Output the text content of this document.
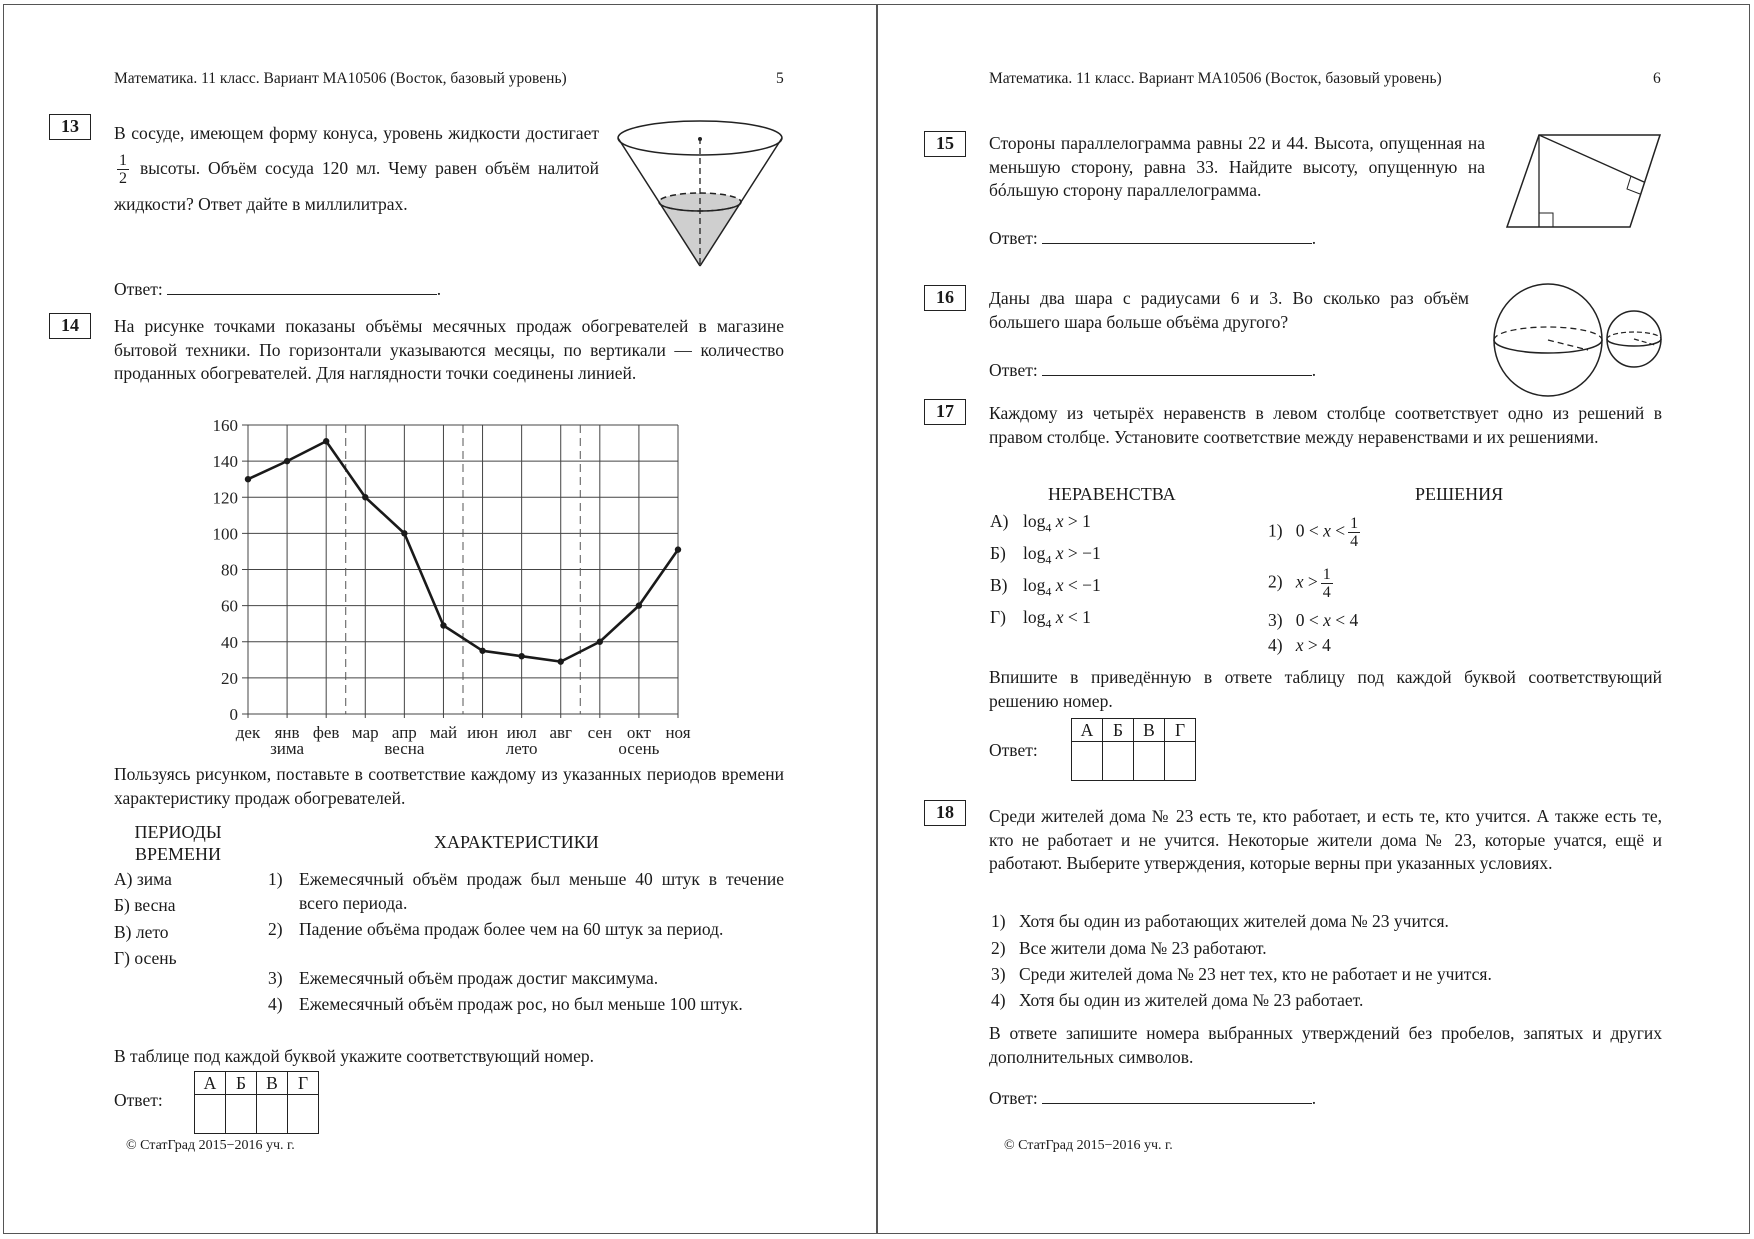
Математика. 11 класс. Вариант МА10506 (Восток, базовый уровень)	5
13	В сосуде, имеющем форму конуса, уровень жидкости достигает
$\frac{1}{2}$ высоты. Объём сосуда 120 мл. Чему равен объём налитой жидкости? Ответ дайте в миллилитрах.
Ответ:	.
14	На рисунке точками показаны объёмы месячных продаж обогревателей в магазине бытовой техники. По горизонтали указываются месяцы, по вертикали — количество проданных обогревателей. Для наглядности точки соединены линией.
0
20
40
60
80
100
120
140
160
дек янв фев мар апр май июн июл авг сен окт ноя
зима	весна	лето	осень
Пользуясь рисунком, поставьте в соответствие каждому из указанных периодов времени характеристику продаж обогревателей.
ПЕРИОДЫ
ВРЕМЕНИ
ХАРАКТЕРИСТИКИ
А) зима
Б) весна
В) лето
Г) осень
1) Ежемесячный объём продаж был меньше 40 штук в течение всего периода.
2) Падение объёма продаж более чем на 60 штук за период.
3) Ежемесячный объём продаж достиг максимума.
4) Ежемесячный объём продаж рос, но был меньше 100 штук.
В таблице под каждой буквой укажите соответствующий номер.
Ответ:
А	Б	В	Г

© СтатГрад 2015−2016 уч. г.
Математика. 11 класс. Вариант МА10506 (Восток, базовый уровень)	6
15	Стороны параллелограмма равны 22 и 44. Высота, опущенная на меньшую сторону, равна 33. Найдите высоту, опущенную на бóльшую сторону параллелограмма.
Ответ:	.
16	Даны два шара с радиусами 6 и 3. Во сколько раз объём большего шара больше объёма другого?
Ответ:	.
17	Каждому из четырёх неравенств в левом столбце соответствует одно из решений в правом столбце. Установите соответствие между неравенствами и их решениями.
НЕРАВЕНСТВА	РЕШЕНИЯ
А) $\log_4 x > 1$
Б) $\log_4 x > -1$
В) $\log_4 x < -1$
Г) $\log_4 x < 1$
1) $0 < x < \frac{1}{4}$
2) $x > \frac{1}{4}$
3) 0 < x < 4
4) x > 4
Впишите в приведённую в ответе таблицу под каждой буквой соответствующий решению номер.
Ответ:
А	Б	В	Г

18	Среди жителей дома № 23 есть те, кто работает, и есть те, кто учится. А также есть те, кто не работает и не учится. Некоторые жители дома № 23, которые учатся, ещё и работают. Выберите утверждения, которые верны при указанных условиях.
1) Хотя бы один из работающих жителей дома № 23 учится.
2) Все жители дома № 23 работают.
3) Среди жителей дома № 23 нет тех, кто не работает и не учится.
4) Хотя бы один из жителей дома № 23 работает.
В ответе запишите номера выбранных утверждений без пробелов, запятых и других дополнительных символов.
Ответ:	.
© СтатГрад 2015−2016 уч. г.
